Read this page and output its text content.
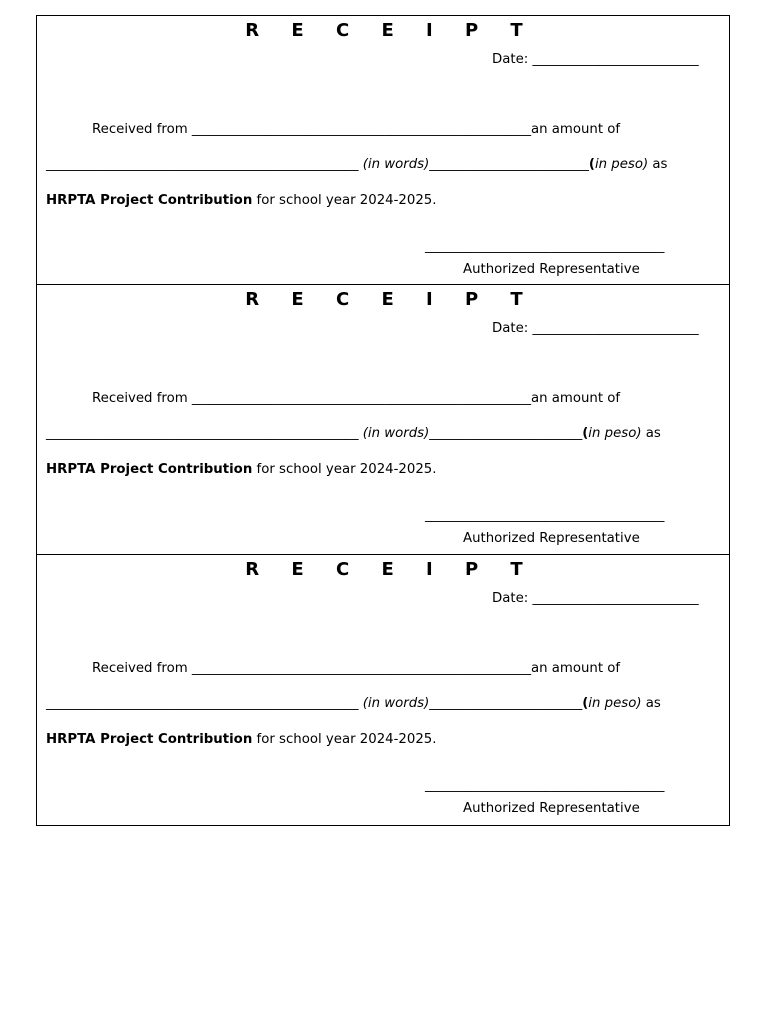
R E C E I P T
Date: _________________________
Received from ___________________________________________________an amount of
_______________________________________________ (in words)________________________(in peso) as
HRPTA Project Contribution for school year 2024-2025.
____________________________________
Authorized Representative
R E C E I P T
Date: _________________________
Received from ___________________________________________________an amount of
_______________________________________________ (in words)_______________________(in peso) as
HRPTA Project Contribution for school year 2024-2025.
____________________________________
Authorized Representative
R E C E I P T
Date: _________________________
Received from ___________________________________________________an amount of
_______________________________________________ (in words)_______________________(in peso) as
HRPTA Project Contribution for school year 2024-2025.
____________________________________
Authorized Representative
